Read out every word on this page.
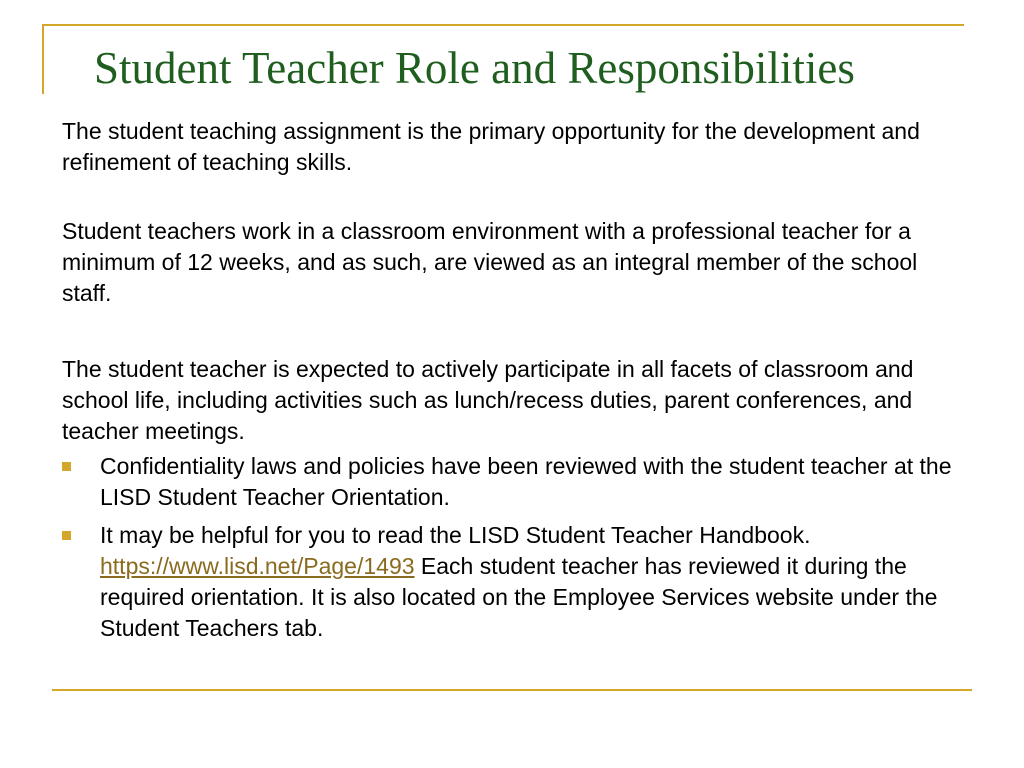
Student Teacher Role and Responsibilities

The student teaching assignment is the primary opportunity for the development and refinement of teaching skills.

Student teachers work in a classroom environment with a professional teacher for a minimum of 12 weeks, and as such, are viewed as an integral member of the school staff.

The student teacher is expected to actively participate in all facets of classroom and school life, including activities such as lunch/recess duties, parent conferences, and teacher meetings.

Confidentiality laws and policies have been reviewed with the student teacher at the LISD Student Teacher Orientation.
It may be helpful for you to read the LISD Student Teacher Handbook. https://www.lisd.net/Page/1493 Each student teacher has reviewed it during the required orientation. It is also located on the Employee Services website under the Student Teachers tab.
